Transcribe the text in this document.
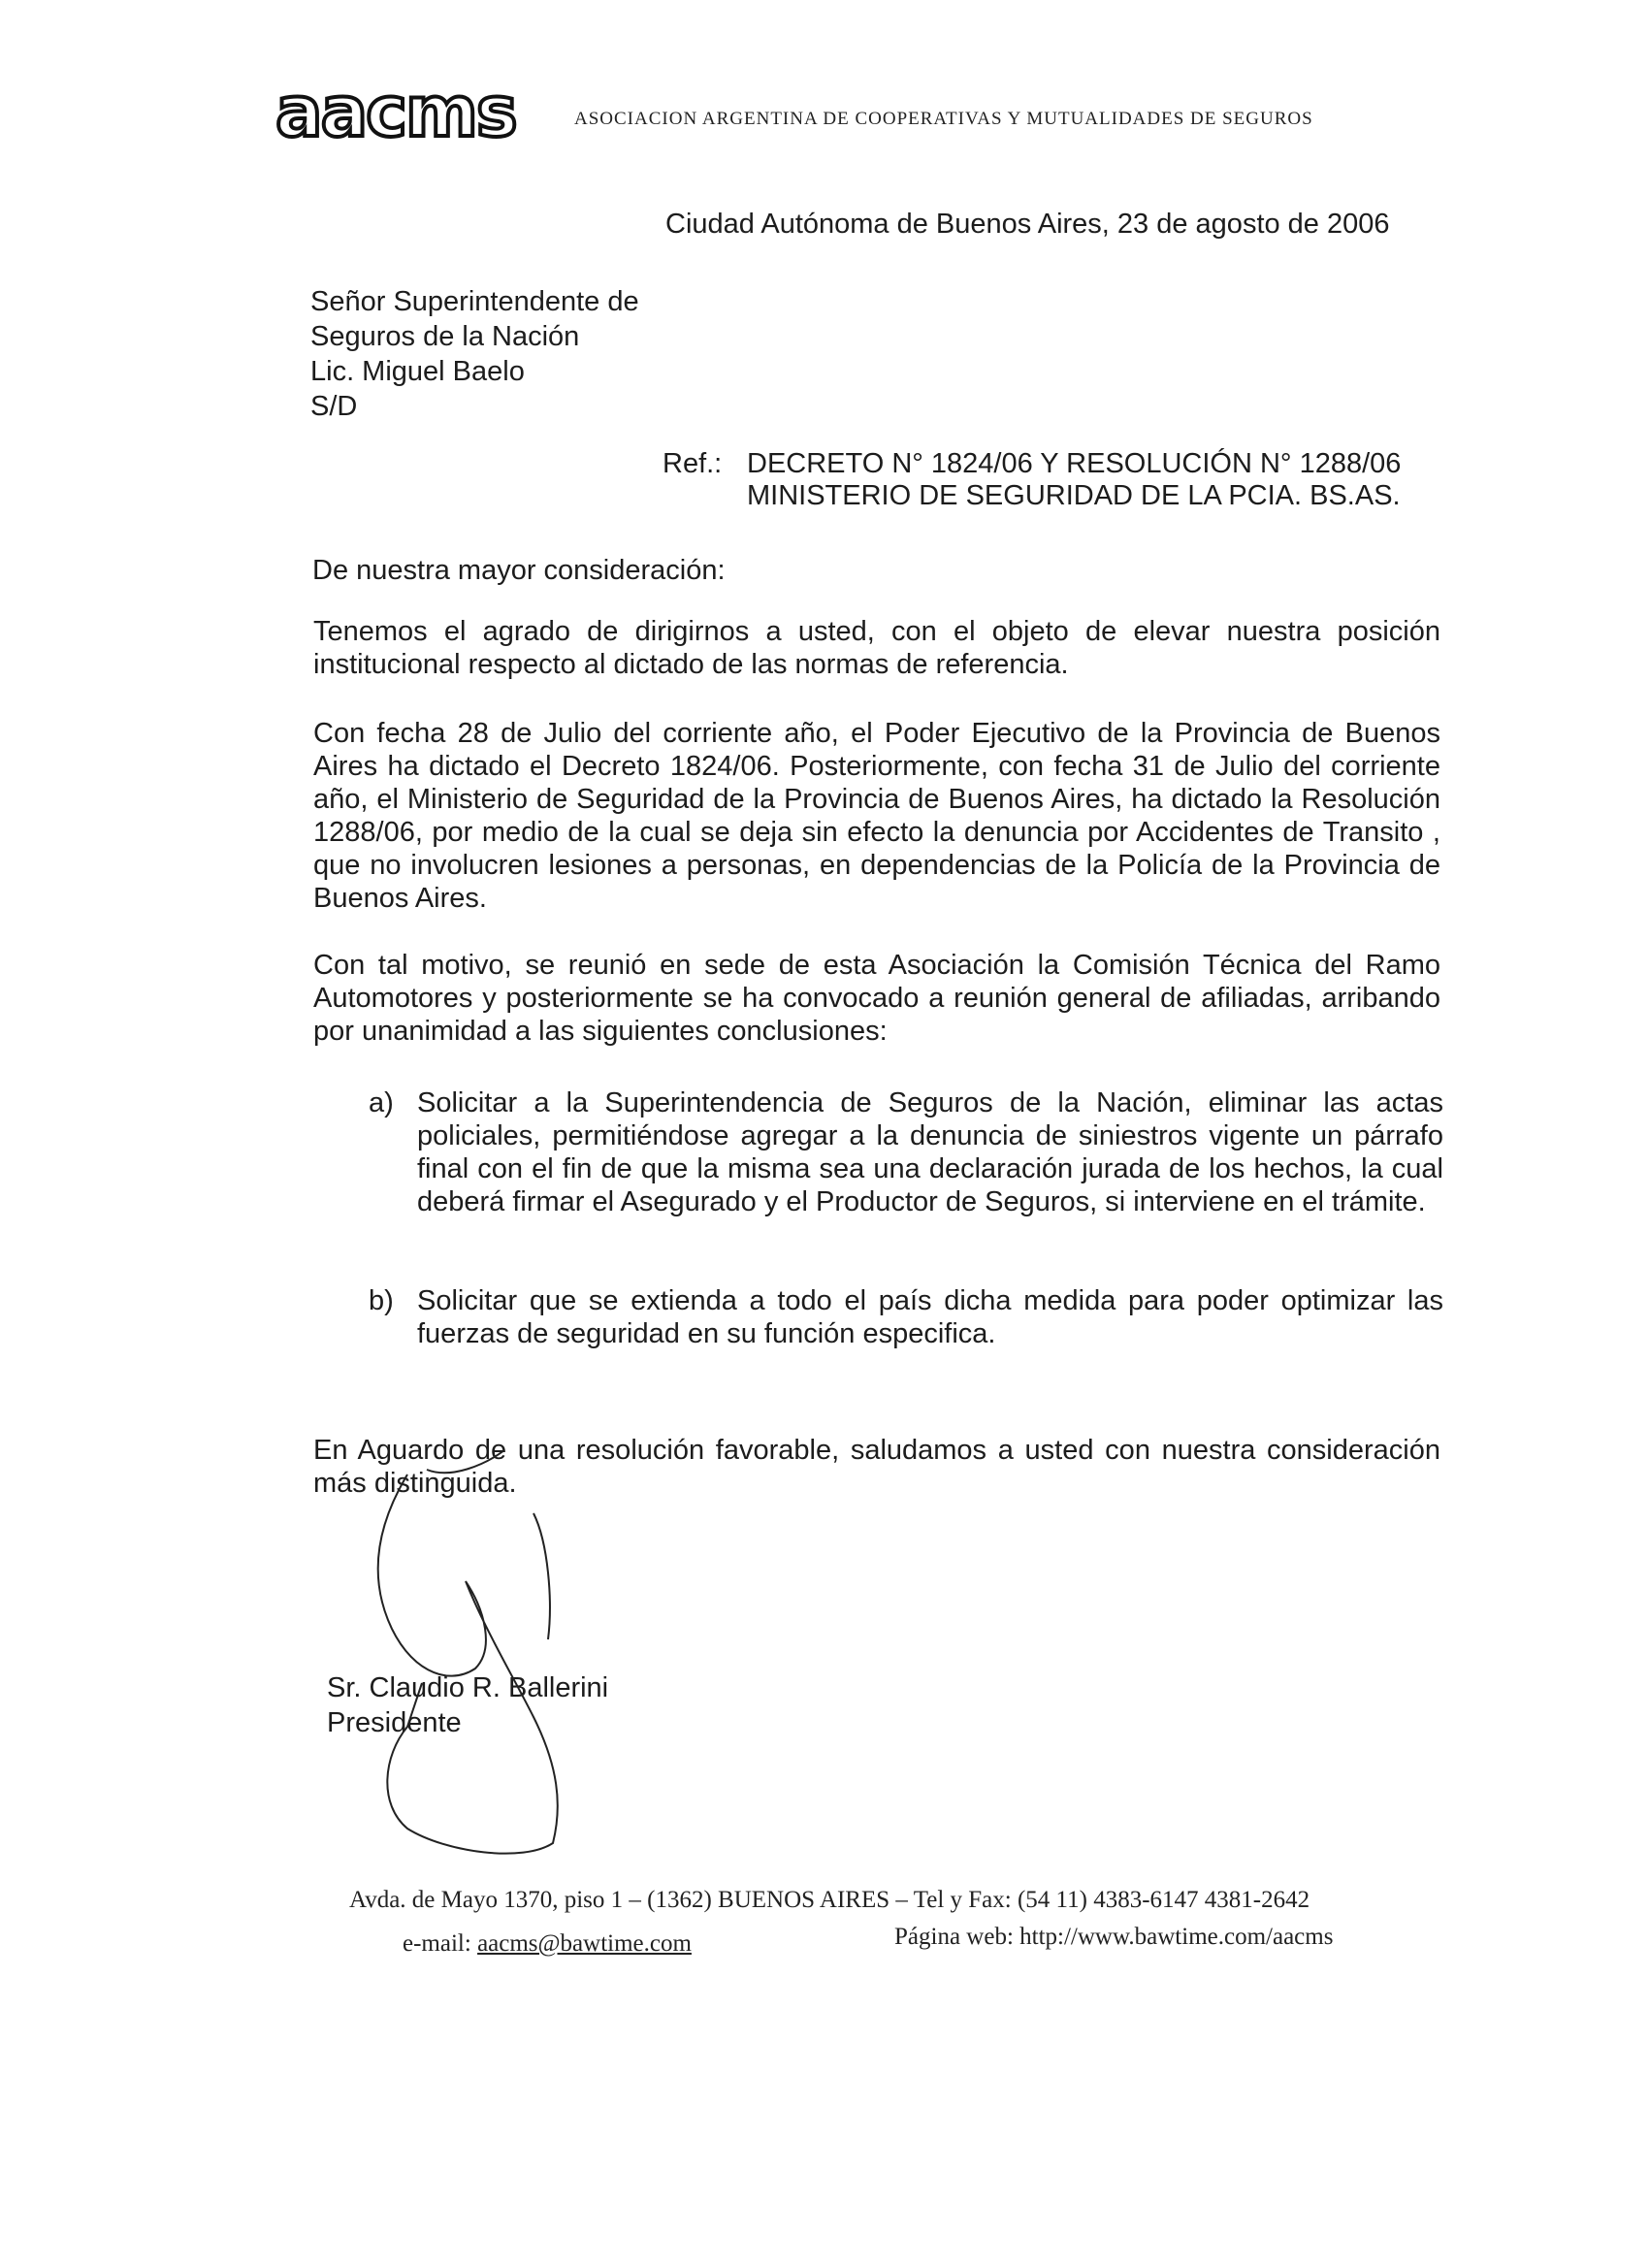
aacms	ASOCIACION ARGENTINA DE COOPERATIVAS Y MUTUALIDADES DE SEGUROS
Ciudad Autónoma de Buenos Aires, 23 de agosto de 2006
Señor Superintendente de
Seguros de la Nación
Lic. Miguel Baelo
S/D
Ref.: DECRETO N° 1824/06 Y RESOLUCIÓN N° 1288/06
MINISTERIO DE SEGURIDAD DE LA PCIA. BS.AS.
De nuestra mayor consideración:
Tenemos el agrado de dirigirnos a usted, con el objeto de elevar nuestra posición institucional respecto al dictado de las normas de referencia.
Con fecha 28 de Julio del corriente año, el Poder Ejecutivo de la Provincia de Buenos Aires ha dictado el Decreto 1824/06. Posteriormente, con fecha 31 de Julio del corriente año, el Ministerio de Seguridad de la Provincia de Buenos Aires, ha dictado la Resolución 1288/06, por medio de la cual se deja sin efecto la denuncia por Accidentes de Transito , que no involucren lesiones a personas, en dependencias de la Policía de la Provincia de Buenos Aires.
Con tal motivo, se reunió en sede de esta Asociación la Comisión Técnica del Ramo Automotores y posteriormente se ha convocado a reunión general de afiliadas, arribando por unanimidad a las siguientes conclusiones:
a) Solicitar a la Superintendencia de Seguros de la Nación, eliminar las actas policiales, permitiéndose agregar a la denuncia de siniestros vigente un párrafo final con el fin de que la misma sea una declaración jurada de los hechos, la cual deberá firmar el Asegurado y el Productor de Seguros, si interviene en el trámite.
b) Solicitar que se extienda a todo el país dicha medida para poder optimizar las fuerzas de seguridad en su función especifica.
En Aguardo de una resolución favorable, saludamos a usted con nuestra consideración más distinguida.
Sr. Claudio R. Ballerini
Presidente
Avda. de Mayo 1370, piso 1 – (1362) BUENOS AIRES – Tel y Fax: (54 11) 4383-6147 4381-2642
e-mail: aacms@bawtime.com	Página web: http://www.bawtime.com/aacms
